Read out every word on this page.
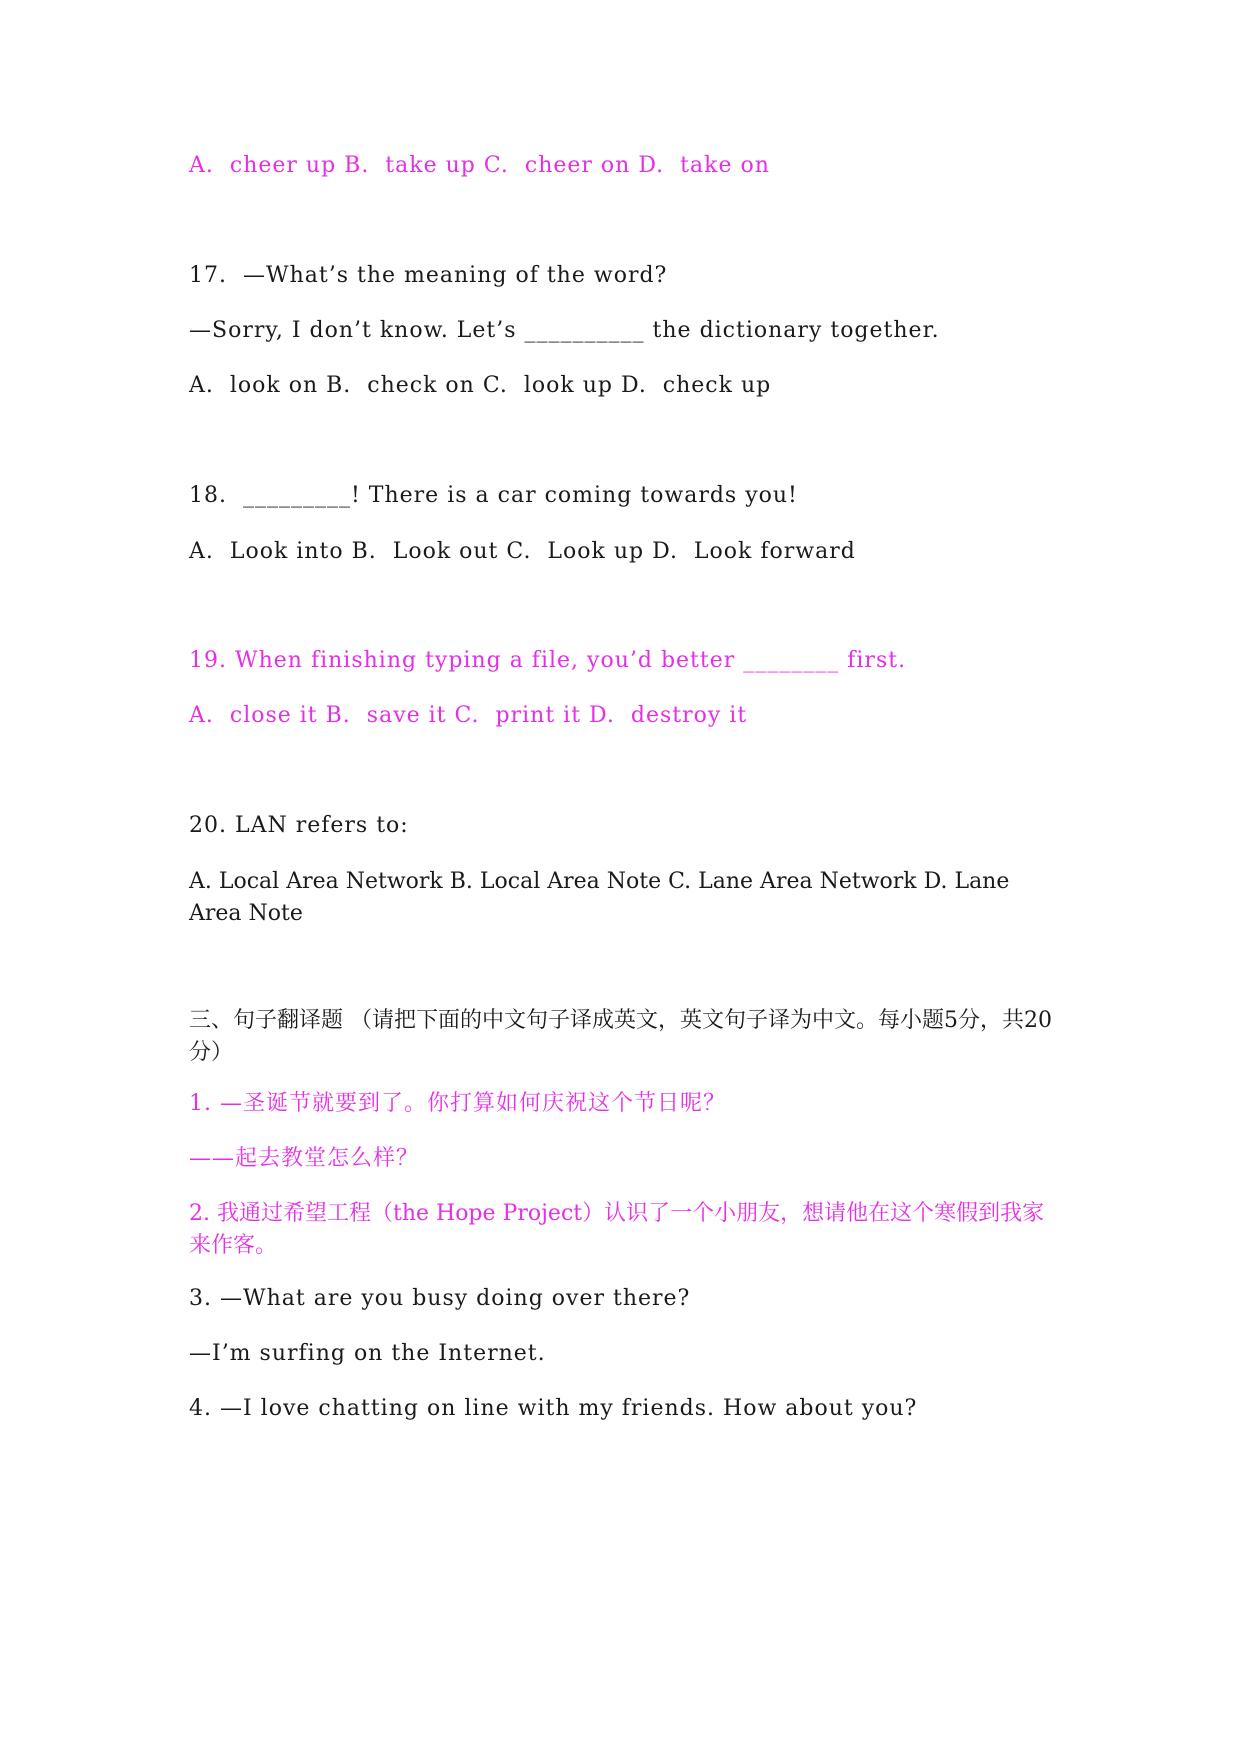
A.  cheer up B.  take up C.  cheer on D.  take on
17.  —What’s the meaning of the word?
—Sorry, I don’t know. Let’s __________ the dictionary together.
A.  look on B.  check on C.  look up D.  check up
18.  _________! There is a car coming towards you!
A.  Look into B.  Look out C.  Look up D.  Look forward
19. When finishing typing a file, you’d better ________ first.
A.  close it B.  save it C.  print it D.  destroy it
20. LAN refers to:
A. Local Area Network B. Local Area Note C. Lane Area Network D. Lane Area Note
三、句子翻译题 （请把下面的中文句子译成英文，英文句子译为中文。每小题5分，共20分）
1. —圣诞节就要到了。你打算如何庆祝这个节日呢？
——起去教堂怎么样？
2. 我通过希望工程（the Hope Project）认识了一个小朋友，想请他在这个寒假到我家来作客。
3. —What are you busy doing over there?
—I’m surfing on the Internet.
4. —I love chatting on line with my friends. How about you?
